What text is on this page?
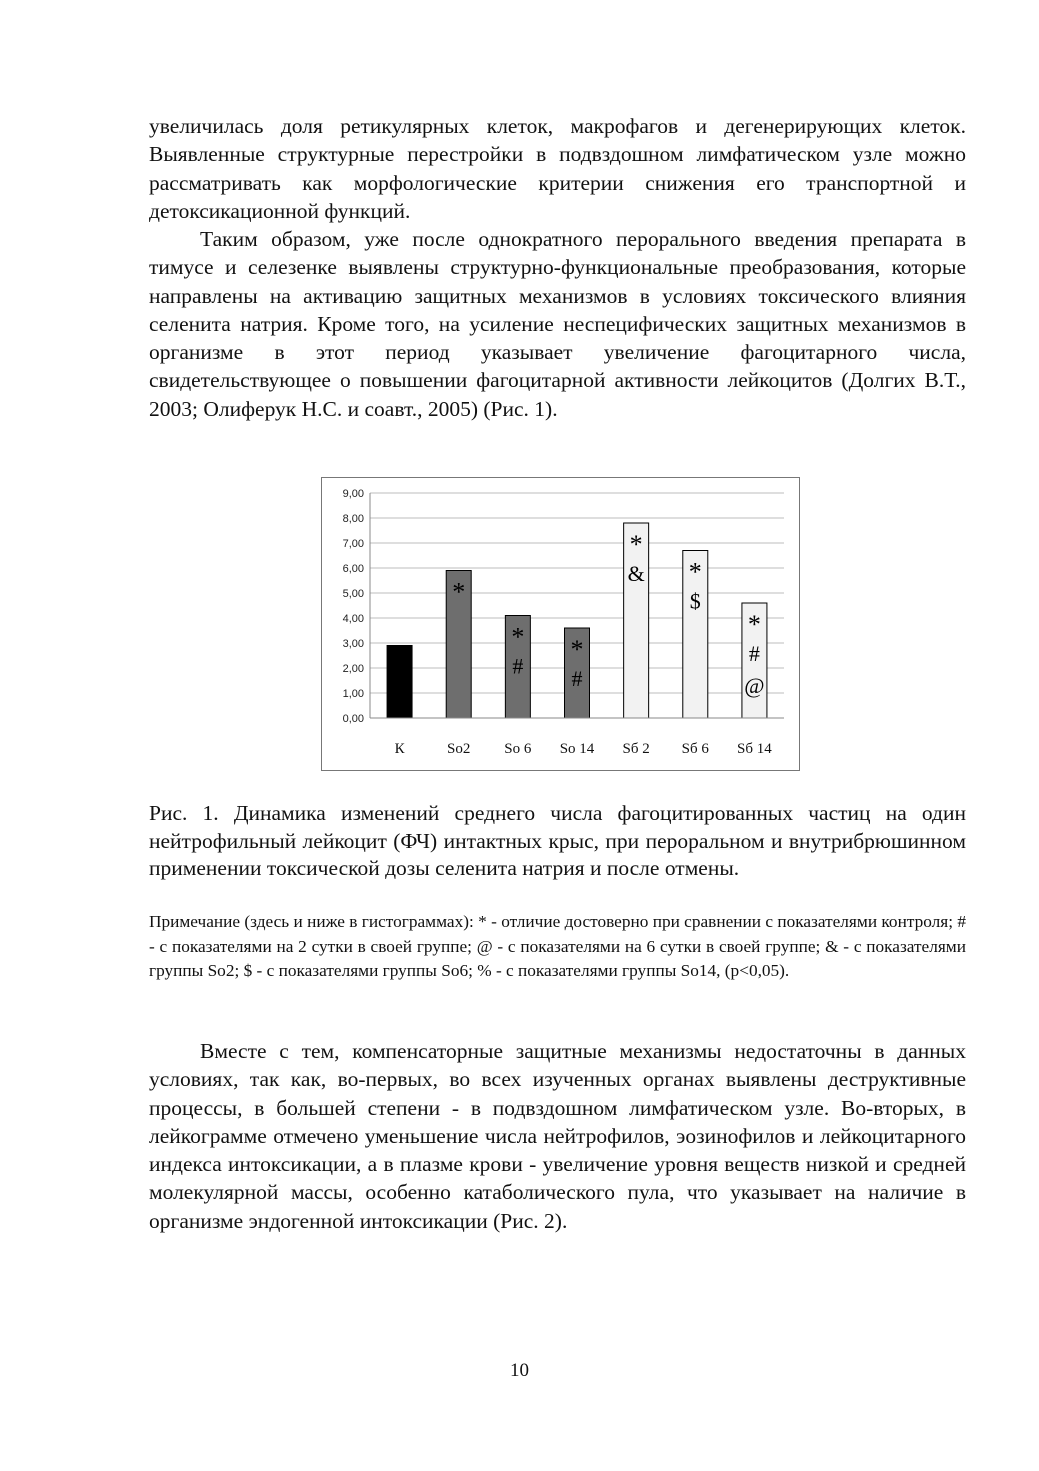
увеличилась доля ретикулярных клеток, макрофагов и дегенерирующих клеток. Выявленные структурные перестройки в подвздошном лимфатическом узле можно рассматривать как морфологические критерии снижения его транспортной и детоксикационной функций.

Таким образом, уже после однократного перорального введения препарата в тимусе и селезенке выявлены структурно-функциональные преобразования, которые направлены на активацию защитных механизмов в условиях токсического влияния селенита натрия. Кроме того, на усиление неспецифических защитных механизмов в организме в этот период указывает увеличение фагоцитарного числа, свидетельствующее о повышении фагоцитарной активности лейкоцитов (Долгих В.Т., 2003; Олиферук Н.С. и соавт., 2005) (Рис. 1).

0,00
1,00
2,00
3,00
4,00
5,00
6,00
7,00
8,00
9,00
К	So2
*
So 6
*
#
So 14
*
#
Sб 2
*
&
Sб 6
*
$
Sб 14
*
#
@

Рис. 1. Динамика изменений среднего числа фагоцитированных частиц на один нейтрофильный лейкоцит (ФЧ) интактных крыс, при пероральном и внутрибрюшинном применении токсической дозы селенита натрия и после отмены.

Примечание (здесь и ниже в гистограммах): * - отличие достоверно при сравнении с показателями контроля; # - с показателями на 2 сутки в своей группе; @ - с показателями на 6 сутки в своей группе; & - с показателями группы So2; $ - с показателями группы So6; % - с показателями группы So14, (p<0,05).

Вместе с тем, компенсаторные защитные механизмы недостаточны в данных условиях, так как, во-первых, во всех изученных органах выявлены деструктивные процессы, в большей степени - в подвздошном лимфатическом узле. Во-вторых, в лейкограмме отмечено уменьшение числа нейтрофилов, эозинофилов и лейкоцитарного индекса интоксикации, а в плазме крови - увеличение уровня веществ низкой и средней молекулярной массы, особенно катаболического пула, что указывает на наличие в организме эндогенной интоксикации (Рис. 2).

10
